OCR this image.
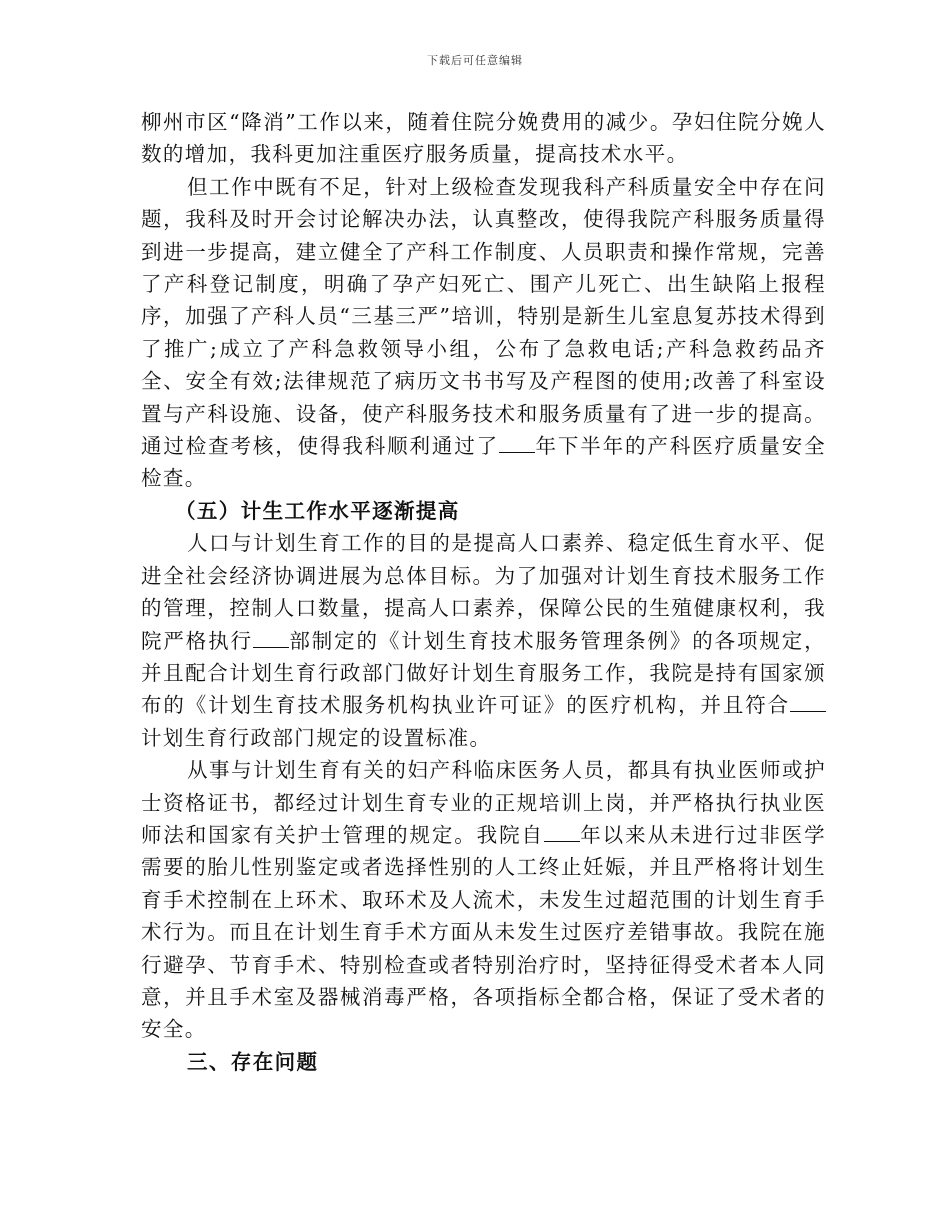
下载后可任意编辑

柳州市区“降消”工作以来，随着住院分娩费用的减少。孕妇住院分娩人数的增加，我科更加注重医疗服务质量，提高技术水平。

但工作中既有不足，针对上级检查发现我科产科质量安全中存在问题，我科及时开会讨论解决办法，认真整改，使得我院产科服务质量得到进一步提高，建立健全了产科工作制度、人员职责和操作常规，完善了产科登记制度，明确了孕产妇死亡、围产儿死亡、出生缺陷上报程序，加强了产科人员“三基三严”培训，特别是新生儿室息复苏技术得到了推广;成立了产科急救领导小组，公布了急救电话;产科急救药品齐全、安全有效;法律规范了病历文书书写及产程图的使用;改善了科室设置与产科设施、设备，使产科服务技术和服务质量有了进一步的提高。通过检查考核，使得我科顺利通过了 年下半年的产科医疗质量安全检查。

（五）计生工作水平逐渐提高

人口与计划生育工作的目的是提高人口素养、稳定低生育水平、促进全社会经济协调进展为总体目标。为了加强对计划生育技术服务工作的管理，控制人口数量，提高人口素养，保障公民的生殖健康权利，我院严格执行 部制定的《计划生育技术服务管理条例》的各项规定，并且配合计划生育行政部门做好计划生育服务工作，我院是持有国家颁布的《计划生育技术服务机构执业许可证》的医疗机构，并且符合计划生育行政部门规定的设置标准。

从事与计划生育有关的妇产科临床医务人员，都具有执业医师或护士资格证书，都经过计划生育专业的正规培训上岗，并严格执行执业医师法和国家有关护士管理的规定。我院自 年以来从未进行过非医学需要的胎儿性别鉴定或者选择性别的人工终止妊娠，并且严格将计划生育手术控制在上环术、取环术及人流术，未发生过超范围的计划生育手术行为。而且在计划生育手术方面从未发生过医疗差错事故。我院在施行避孕、节育手术、特别检查或者特别治疗时，坚持征得受术者本人同意，并且手术室及器械消毒严格，各项指标全都合格，保证了受术者的安全。

三、存在问题
